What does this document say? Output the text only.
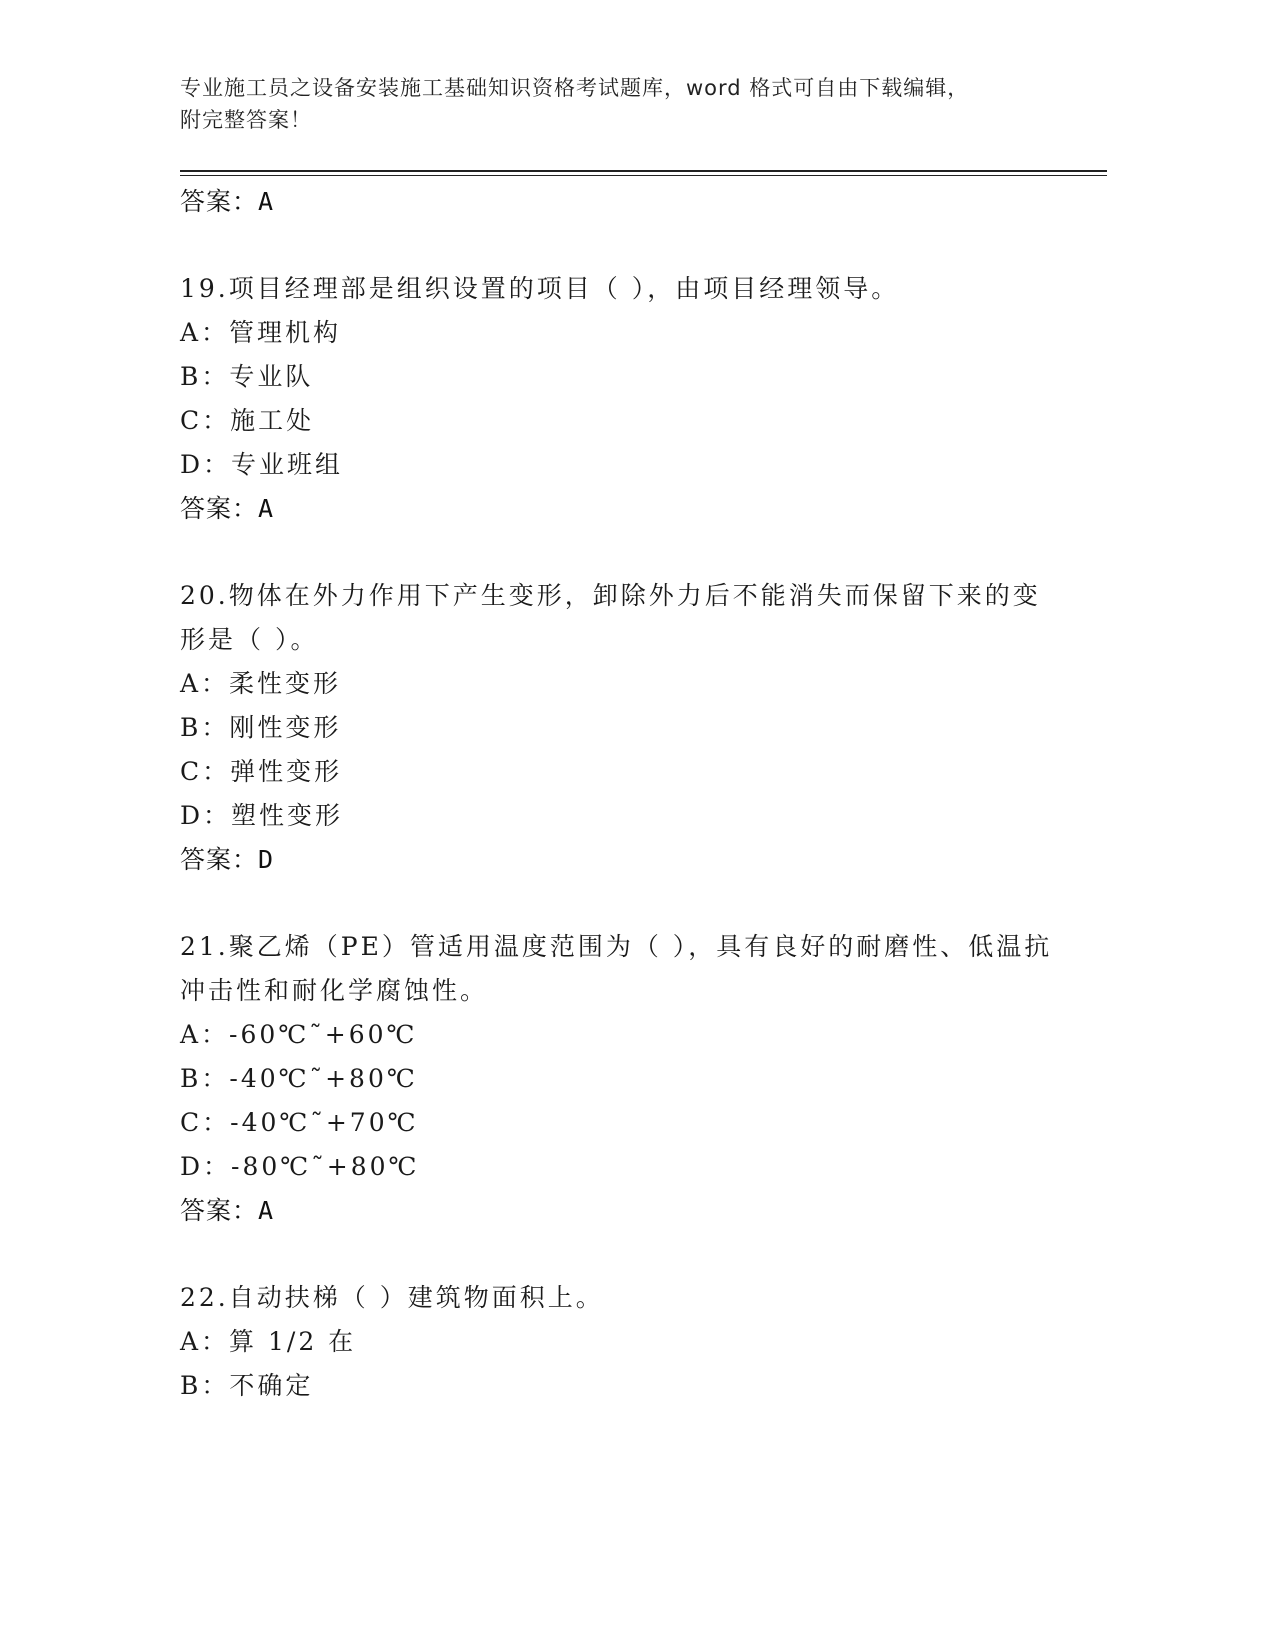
专业施工员之设备安装施工基础知识资格考试题库，word 格式可自由下载编辑，
附完整答案！
答案：A
19.项目经理部是组织设置的项目（ ），由项目经理领导。
A：管理机构
B：专业队
C：施工处
D：专业班组
答案：A
20.物体在外力作用下产生变形，卸除外力后不能消失而保留下来的变形是（ ）。
A：柔性变形
B：刚性变形
C：弹性变形
D：塑性变形
答案：D
21.聚乙烯（PE）管适用温度范围为（ ），具有良好的耐磨性、低温抗冲击性和耐化学腐蚀性。
A：-60℃˜+60℃
B：-40℃˜+80℃
C：-40℃˜+70℃
D：-80℃˜+80℃
答案：A
22.自动扶梯（ ）建筑物面积上。
A：算 1/2 在
B：不确定
